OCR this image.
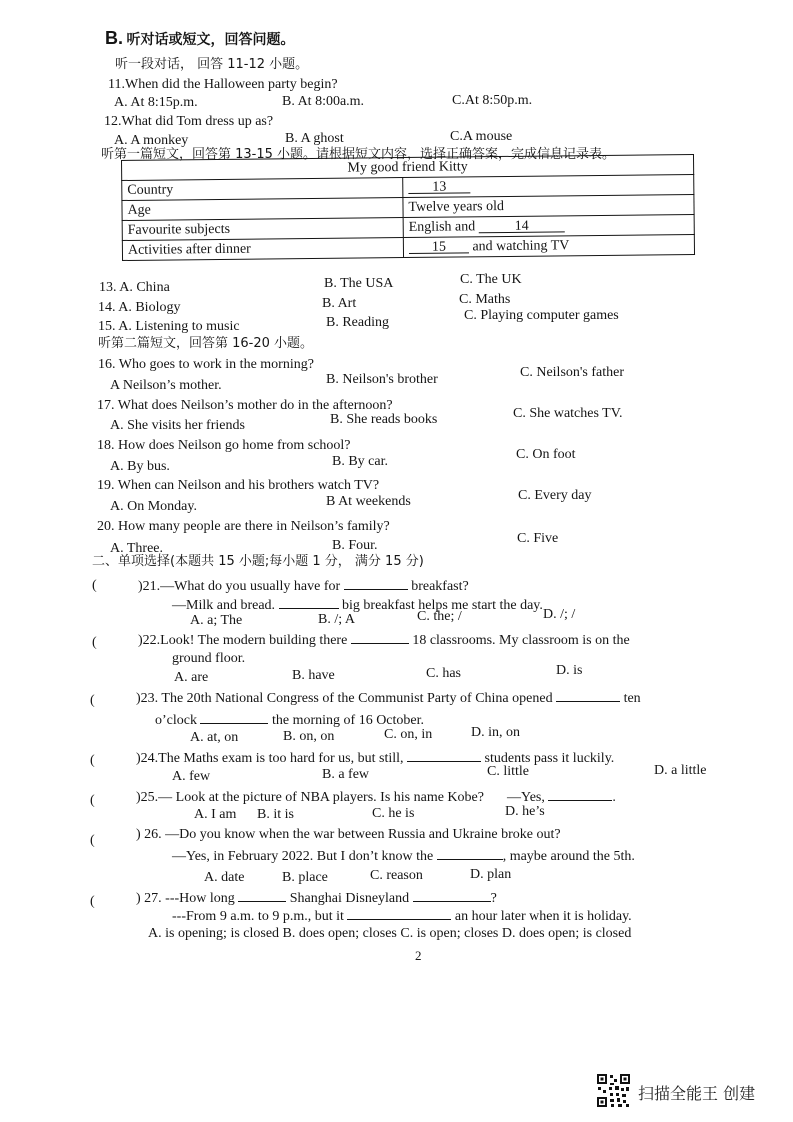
B. 听对话或短文，回答问题。
听一段对话， 回答 11-12 小题。
11.When did the Halloween party begin?
A. At 8:15p.m.	B. At 8:00a.m.	C.At 8:50p.m.
12.What did Tom dress up as?
A. A monkey	B. A ghost	C.A mouse
听第一篇短文，回答第 13-15 小题。请根据短文内容，选择正确答案，完成信息记录表。
My good friend Kitty	
Country	13
Age	Twelve years old
Favourite subjects	English and 14
Activities after dinner	15 and watching TV
13. A. China	B. The USA	C. The UK
14. A. Biology	B. Art	C. Maths
15. A. Listening to music	B. Reading	C. Playing computer games
听第二篇短文，回答第 16-20 小题。
16. Who goes to work in the morning?
A Neilson’s mother.	B. Neilson's brother	C. Neilson's father
17. What does Neilson’s mother do in the afternoon?
A. She visits her friends	B. She reads books	C. She watches TV.
18. How does Neilson go home from school?
A. By bus.	B. By car.	C. On foot
19. When can Neilson and his brothers watch TV?
A. On Monday.	B At weekends	C. Every day
20. How many people are there in Neilson’s family?
A. Three.	B. Four.	C. Five
二、单项选择(本题共 15 小题;每小题 1 分， 满分 15 分)
(	)21.—What do you usually have for	breakfast?
—Milk and bread.	big breakfast helps me start the day.
A. a; The	B. /; A	C. the; /	D. /; /
(	)22.Look! The modern building there	18 classrooms. My classroom is on the
ground floor.
A. are	B. have	C. has	D. is
(	)23. The 20th National Congress of the Communist Party of China opened	ten
o’clock	the morning of 16 October.
A. at, on	B. on, on	C. on, in	D. in, on
(	)24.The Maths exam is too hard for us, but still,	students pass it luckily.
A. few	B. a few	C. little	D. a little
(	)25.— Look at the picture of NBA players. Is his name Kobe? —Yes,	.
A. I am B. it is	C. he is	D. he’s
(	) 26. —Do you know when the war between Russia and Ukraine broke out?
—Yes, in February 2022. But I don’t know the	, maybe around the 5th.
A. date	B. place	C. reason	D. plan
(	) 27. ---How long	Shanghai Disneyland	?
---From 9 a.m. to 9 p.m., but it	an hour later when it is holiday.
A. is opening; is closed B. does open; closes C. is open; closes D. does open; is closed
2
扫描全能王 创建
